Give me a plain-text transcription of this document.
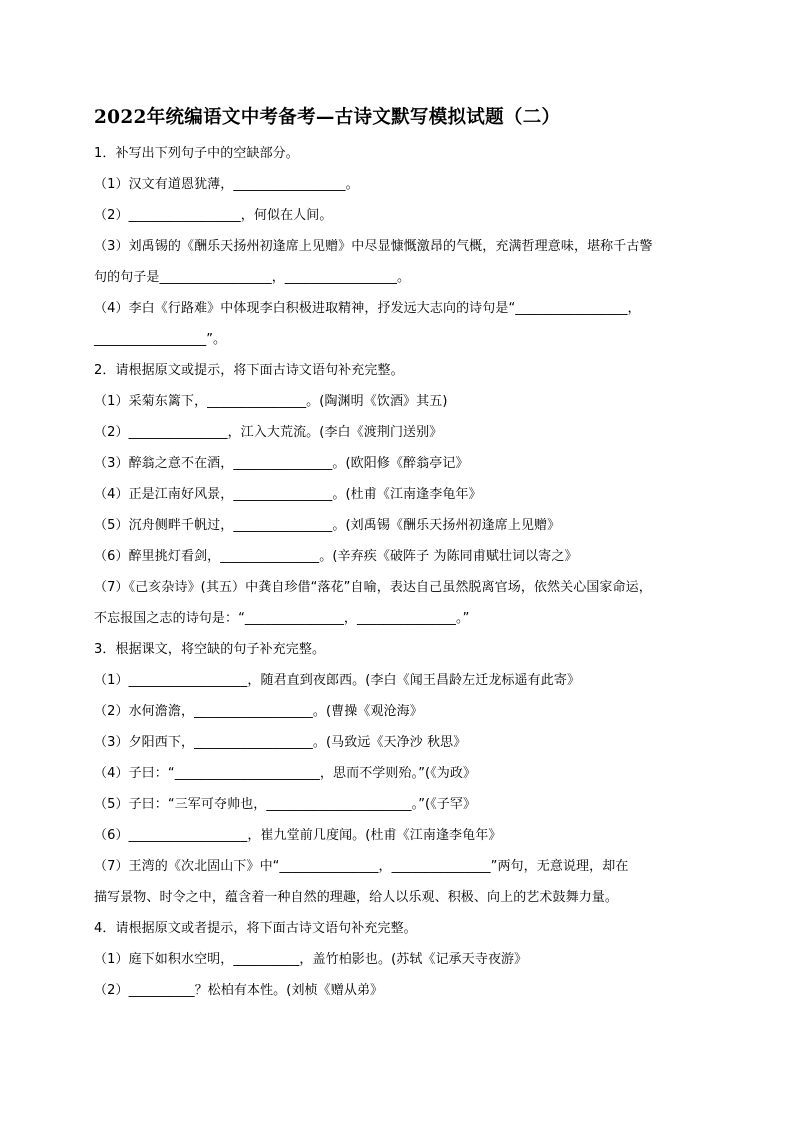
2022年统编语文中考备考—古诗文默写模拟试题（二）
1．补写出下列句子中的空缺部分。
（1）汉文有道恩犹薄，_________________。
（2）_________________，何似在人间。
（3）刘禹锡的《酬乐天扬州初逢席上见赠》中尽显慷慨激昂的气概，充满哲理意味，堪称千古警
句的句子是_________________，_________________。
（4）李白《行路难》中体现李白积极进取精神，抒发远大志向的诗句是“_________________，
_________________”。
2．请根据原文或提示，将下面古诗文语句补充完整。
（1）采菊东篱下，_______________。(陶渊明《饮酒》其五)
（2）_______________，江入大荒流。(李白《渡荆门送别》
（3）醉翁之意不在酒，_______________。(欧阳修《醉翁亭记》
（4）正是江南好风景，_______________。(杜甫《江南逢李龟年》
（5）沉舟侧畔千帆过，_______________。(刘禹锡《酬乐天扬州初逢席上见赠》
（6）醉里挑灯看剑，_______________。(辛弃疾《破阵子 为陈同甫赋壮词以寄之》
（7）《己亥杂诗》(其五）中龚自珍借“落花”自喻，表达自己虽然脱离官场，依然关心国家命运，
不忘报国之志的诗句是：“_______________，_______________。”
3．根据课文，将空缺的句子补充完整。
（1）__________________，随君直到夜郎西。(李白《闻王昌龄左迁龙标遥有此寄》
（2）水何澹澹，__________________。(曹操《观沧海》
（3）夕阳西下，__________________。(马致远《天净沙 秋思》
（4）子曰：“______________________，思而不学则殆。”(《为政》
（5）子曰：“三军可夺帅也，______________________。”(《子罕》
（6）__________________，崔九堂前几度闻。(杜甫《江南逢李龟年》
（7）王湾的《次北固山下》中“_______________，_______________”两句，无意说理，却在
描写景物、时令之中，蕴含着一种自然的理趣，给人以乐观、积极、向上的艺术鼓舞力量。
4．请根据原文或者提示，将下面古诗文语句补充完整。
（1）庭下如积水空明，__________，盖竹柏影也。(苏轼《记承天寺夜游》
（2）__________？松柏有本性。(刘桢《赠从弟》
